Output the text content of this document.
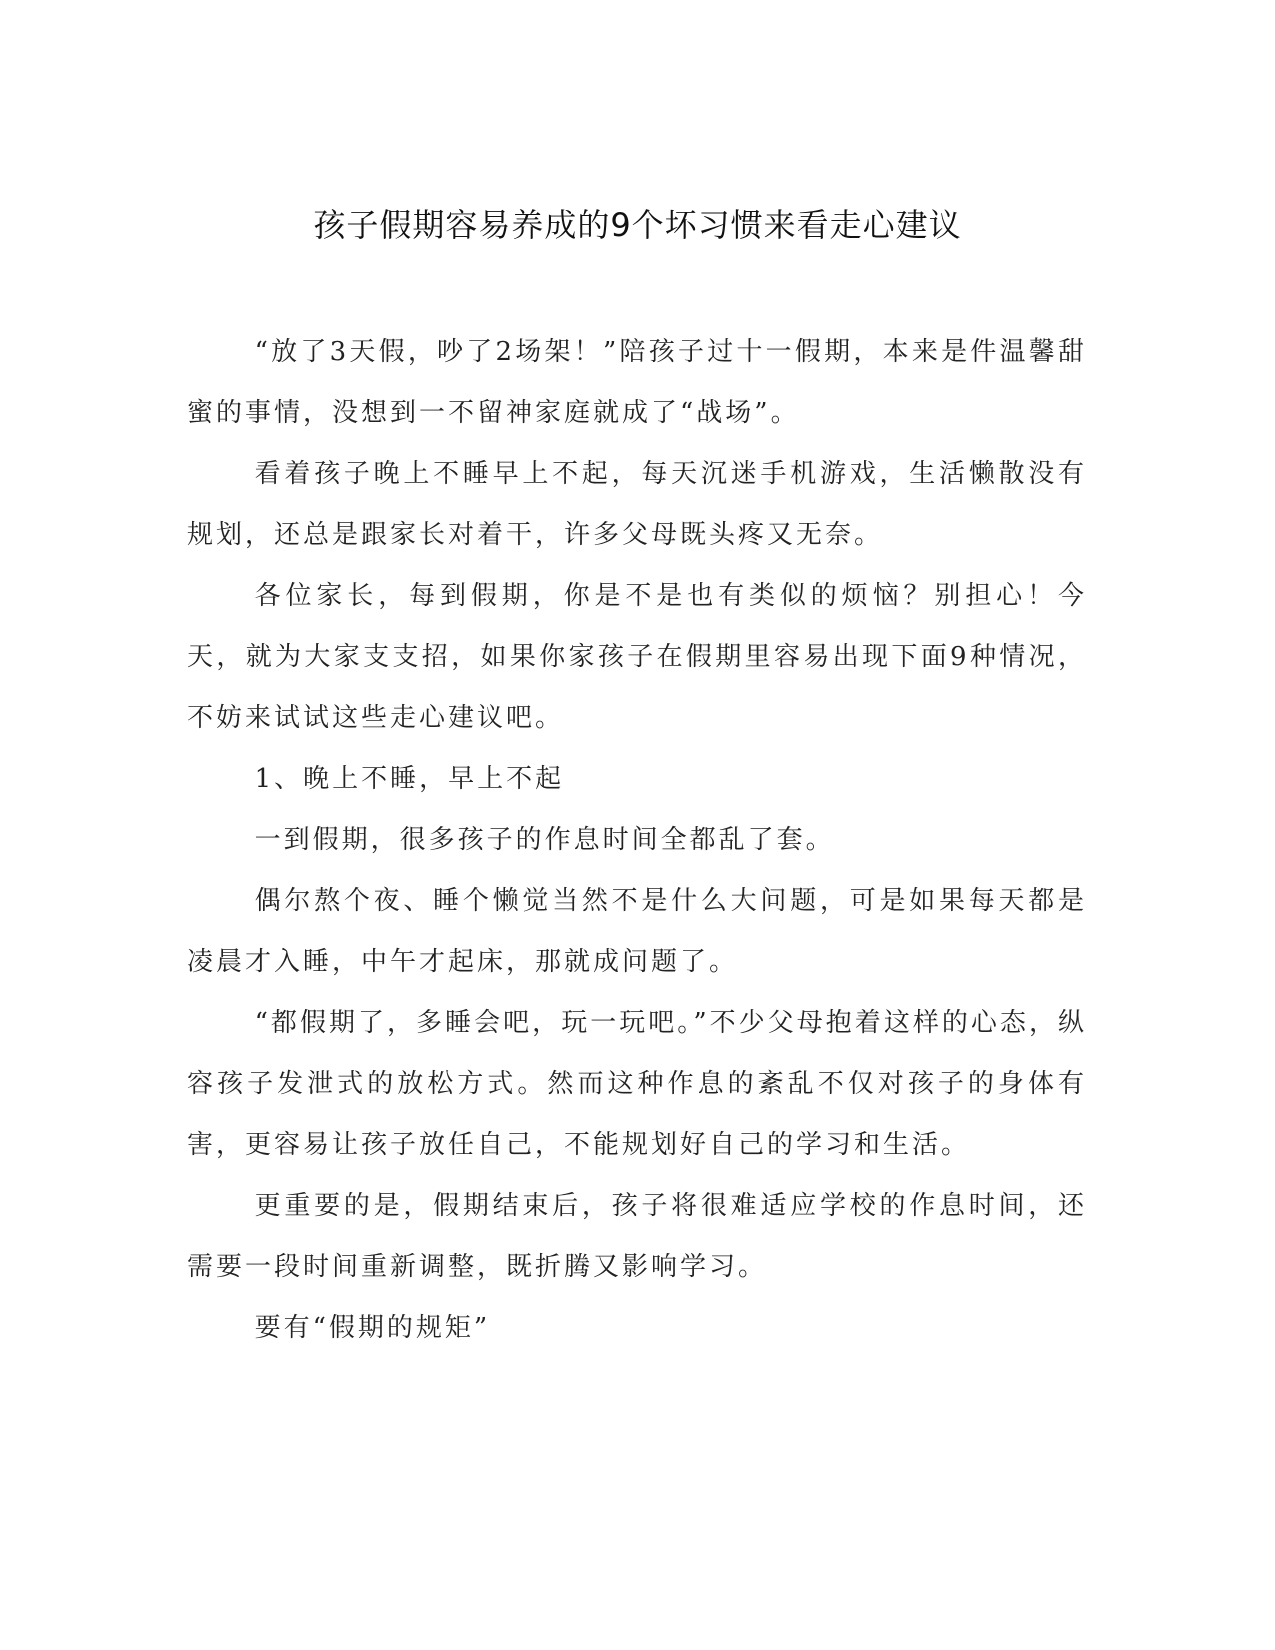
孩子假期容易养成的9个坏习惯来看走心建议

“放了3天假，吵了2场架！”陪孩子过十一假期，本来是件温馨甜蜜的事情，没想到一不留神家庭就成了“战场”。

看着孩子晚上不睡早上不起，每天沉迷手机游戏，生活懒散没有规划，还总是跟家长对着干，许多父母既头疼又无奈。

各位家长，每到假期，你是不是也有类似的烦恼？别担心！今天，就为大家支支招，如果你家孩子在假期里容易出现下面9种情况，不妨来试试这些走心建议吧。

1、晚上不睡，早上不起

一到假期，很多孩子的作息时间全都乱了套。

偶尔熬个夜、睡个懒觉当然不是什么大问题，可是如果每天都是凌晨才入睡，中午才起床，那就成问题了。

“都假期了，多睡会吧，玩一玩吧。”不少父母抱着这样的心态，纵容孩子发泄式的放松方式。然而这种作息的紊乱不仅对孩子的身体有害，更容易让孩子放任自己，不能规划好自己的学习和生活。

更重要的是，假期结束后，孩子将很难适应学校的作息时间，还需要一段时间重新调整，既折腾又影响学习。

要有“假期的规矩”
